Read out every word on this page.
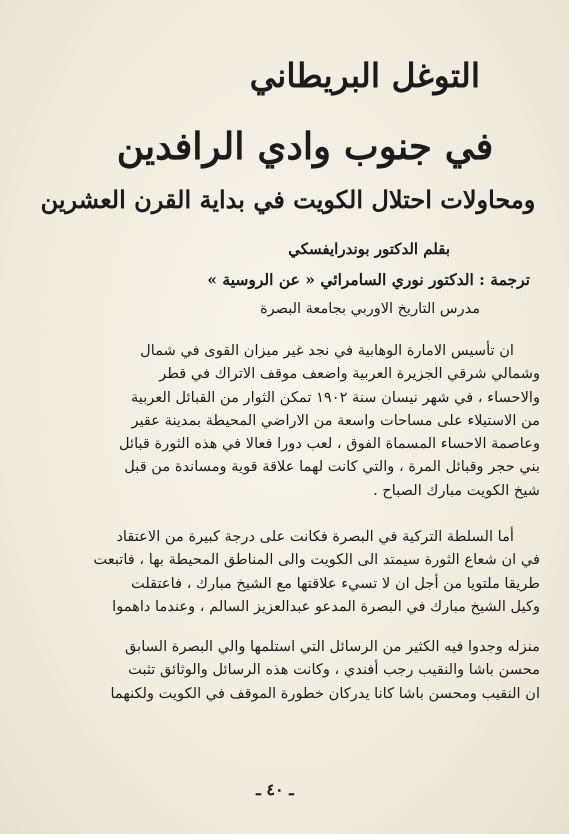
التوغل البريطاني
في جنوب وادي الرافدين
ومحاولات احتلال الكويت في بداية القرن العشرين
بقلم الدكتور بوندرايفسكي
ترجمة : الدكتور نوري السامرائي « عن الروسية »
مدرس التاريخ الاوربي بجامعة البصرة
ان تأسيس الامارة الوهابية في نجد غير ميزان القوى في شمال
وشمالي شرقي الجزيرة العربية واضعف موقف الاتراك في قطر
والاحساء ، في شهر نيسان سنة ١٩٠٢ تمكن الثوار من القبائل العربية
من الاستيلاء على مساحات واسعة من الاراضي المحيطة بمدينة عقير
وعاصمة الاحساء المسماة الفوق ، لعب دورا فعالا في هذه الثورة قبائل
بني حجر وقبائل المرة ، والتي كانت لهما علاقة قوية ومساندة من قبل
شيخ الكويت مبارك الصباح .
أما السلطة التركية في البصرة فكانت على درجة كبيرة من الاعتقاد
في ان شعاع الثورة سيمتد الى الكويت والى المناطق المحيطة بها ، فاتبعت
طريقا ملتويا من أجل ان لا تسيء علاقتها مع الشيخ مبارك ، فاعتقلت
وكيل الشيخ مبارك في البصرة المدعو عبدالعزيز السالم ، وعندما داهموا
منزله وجدوا فيه الكثير من الرسائل التي استلمها والي البصرة السابق
محسن باشا والنقيب رجب أفندي ، وكانت هذه الرسائل والوثائق تثبت
ان النقيب ومحسن باشا كانا يدركان خطورة الموقف في الكويت ولكنهما
ـ ٤٠ ـ
